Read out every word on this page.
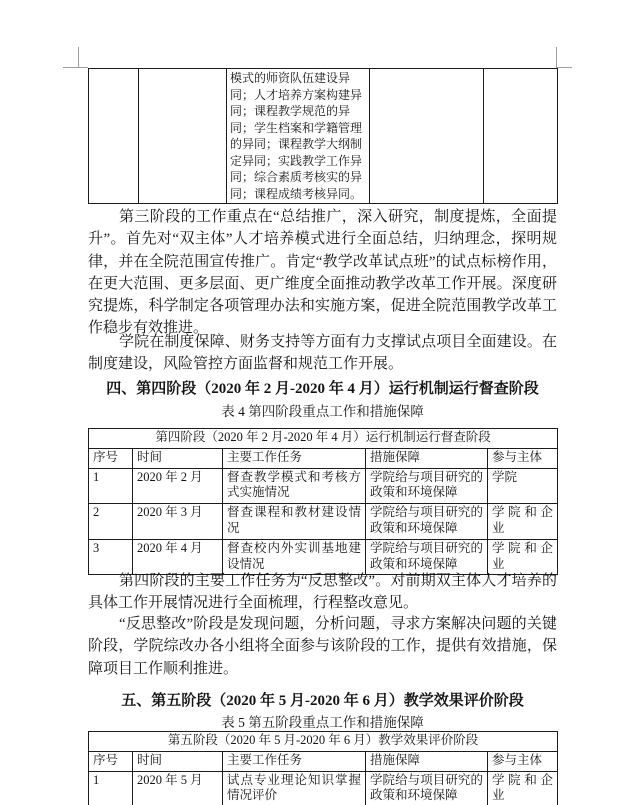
		模式的师资队伍建设异
同；人才培养方案构建异
同；课程教学规范的异
同；学生档案和学籍管理
的异同；课程教学大纲制
定异同；实践教学工作异
同；综合素质考核实的异
同；课程成绩考核异同。		
第三阶段的工作重点在“总结推广，深入研究，制度提炼，全面提升”。首先对“双主体”人才培养模式进行全面总结，归纳理念，探明规律，并在全院范围宣传推广。肯定“教学改革试点班”的试点标榜作用，在更大范围、更多层面、更广维度全面推动教学改革工作开展。深度研究提炼，科学制定各项管理办法和实施方案，促进全院范围教学改革工作稳步有效推进。
学院在制度保障、财务支持等方面有力支撑试点项目全面建设。在制度建设，风险管控方面监督和规范工作开展。
四、第四阶段（2020 年 2 月-2020 年 4 月）运行机制运行督查阶段
表 4 第四阶段重点工作和措施保障
第四阶段（2020 年 2 月-2020 年 4 月）运行机制运行督查阶段				
序号	时间	主要工作任务	措施保障	参与主体
1	2020 年 2 月	督查教学模式和考核方式实施情况	学院给与项目研究的政策和环境保障	学院
2	2020 年 3 月	督查课程和教材建设情况	学院给与项目研究的政策和环境保障	学院和企业
3	2020 年 4 月	督查校内外实训基地建设情况	学院给与项目研究的政策和环境保障	学院和企业
第四阶段的主要工作任务为“反思整改”。对前期双主体人才培养的具体工作开展情况进行全面梳理，行程整改意见。
“反思整改”阶段是发现问题，分析问题，寻求方案解决问题的关键阶段，学院综改办各小组将全面参与该阶段的工作，提供有效措施，保障项目工作顺利推进。
五、第五阶段（2020 年 5 月-2020 年 6 月）教学效果评价阶段
表 5 第五阶段重点工作和措施保障
第五阶段（2020 年 5 月-2020 年 6 月）教学效果评价阶段				
序号	时间	主要工作任务	措施保障	参与主体
1	2020 年 5 月	试点专业理论知识掌握情况评价	学院给与项目研究的政策和环境保障	学院和企业
